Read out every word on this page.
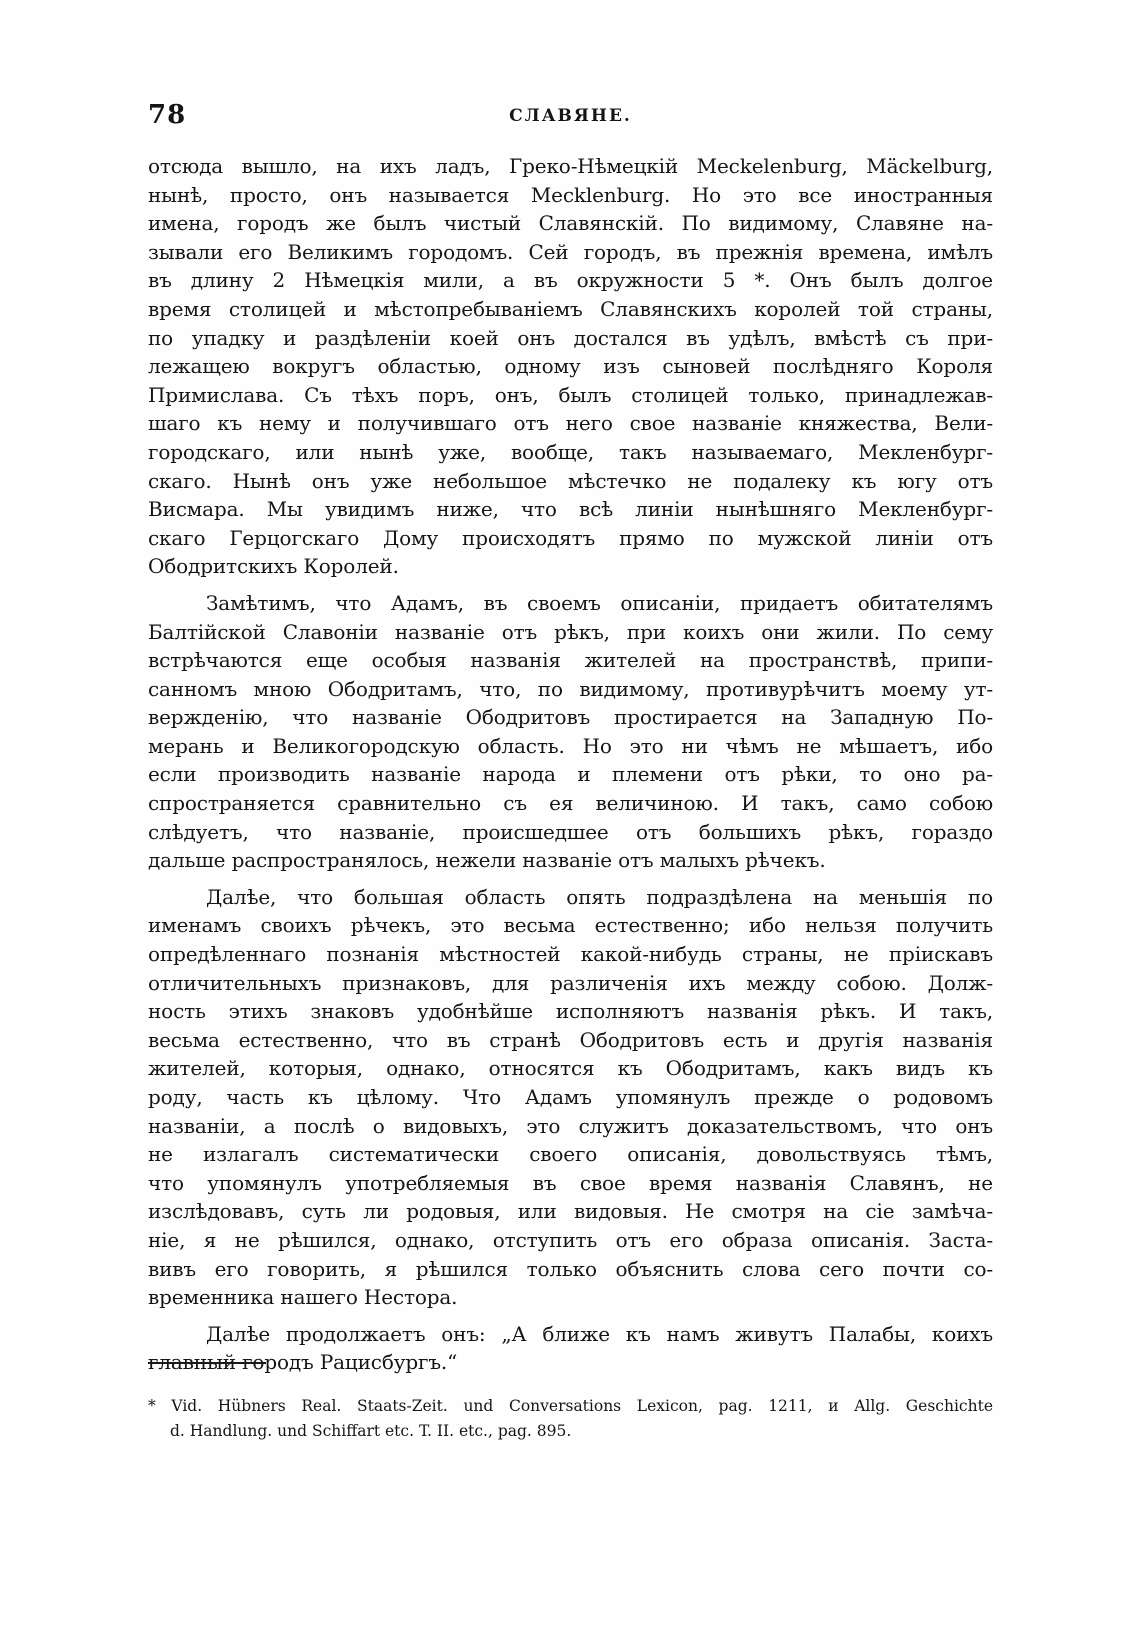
78	СЛАВЯНЕ.
отсюда вышло, на ихъ ладъ, Греко-Нѣмецкій Meckelenburg, Mäckelburg,
нынѣ, просто, онъ называется Mecklenburg. Но это все иностранныя
имена, городъ же былъ чистый Славянскій. По видимому, Славяне на-
зывали его Великимъ городомъ. Сей городъ, въ прежнія времена, имѣлъ
въ длину 2 Нѣмецкія мили, а въ окружности 5 *. Онъ былъ долгое
время столицей и мѣстопребываніемъ Славянскихъ королей той страны,
по упадку и раздѣленіи коей онъ достался въ удѣлъ, вмѣстѣ съ при-
лежащею вокругъ областью, одному изъ сыновей послѣдняго Короля
Примислава. Съ тѣхъ поръ, онъ, былъ столицей только, принадлежав-
шаго къ нему и получившаго отъ него свое названіе княжества, Вели-
городскаго, или нынѣ уже, вообще, такъ называемаго, Мекленбург-
скаго. Нынѣ онъ уже небольшое мѣстечко не подалеку къ югу отъ
Висмара. Мы увидимъ ниже, что всѣ линіи нынѣшняго Мекленбург-
скаго Герцогскаго Дому происходятъ прямо по мужской линіи отъ
Ободритскихъ Королей.
Замѣтимъ, что Адамъ, въ своемъ описаніи, придаетъ обитателямъ
Балтійской Славоніи названіе отъ рѣкъ, при коихъ они жили. По сему
встрѣчаются еще особыя названія жителей на пространствѣ, припи-
санномъ мною Ободритамъ, что, по видимому, противурѣчитъ моему ут-
вержденію, что названіе Ободритовъ простирается на Западную По-
мерань и Великогородскую область. Но это ни чѣмъ не мѣшаетъ, ибо
если производить названіе народа и племени отъ рѣки, то оно ра-
спространяется сравнительно съ ея величиною. И такъ, само собою
слѣдуетъ, что названіе, происшедшее отъ большихъ рѣкъ, гораздо
дальше распространялось, нежели названіе отъ малыхъ рѣчекъ.
Далѣе, что большая область опять подраздѣлена на меньшія по
именамъ своихъ рѣчекъ, это весьма естественно; ибо нельзя получить
опредѣленнаго познанія мѣстностей какой-нибудь страны, не пріискавъ
отличительныхъ признаковъ, для различенія ихъ между собою. Долж-
ность этихъ знаковъ удобнѣйше исполняютъ названія рѣкъ. И такъ,
весьма естественно, что въ странѣ Ободритовъ есть и другія названія
жителей, которыя, однако, относятся къ Ободритамъ, какъ видъ къ
роду, часть къ цѣлому. Что Адамъ упомянулъ прежде о родовомъ
названіи, а послѣ о видовыхъ, это служитъ доказательствомъ, что онъ
не излагалъ систематически своего описанія, довольствуясь тѣмъ,
что упомянулъ употребляемыя въ свое время названія Славянъ, не
изслѣдовавъ, суть ли родовыя, или видовыя. Не смотря на сіе замѣча-
ніе, я не рѣшился, однако, отступить отъ его образа описанія. Заста-
вивъ его говорить, я рѣшился только объяснить слова сего почти со-
временника нашего Нестора.
Далѣе продолжаетъ онъ: „А ближе къ намъ живутъ Палабы, коихъ
главный городъ Рацисбургъ.“
* Vid. Hübners Real. Staats-Zeit. und Conversations Lexicon, pag. 1211, и Allg. Geschichte
d. Handlung. und Schiffart etc. T. II. etc., pag. 895.
